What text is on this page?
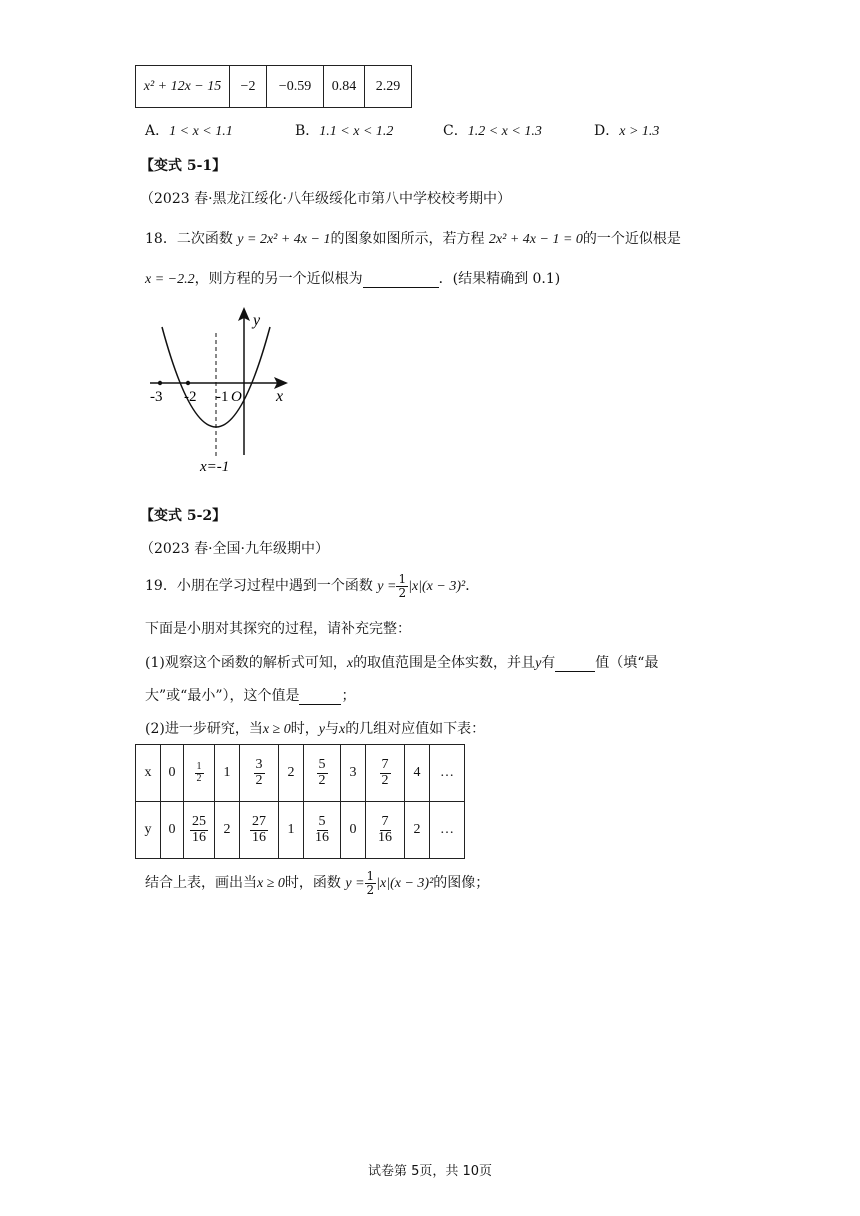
x² + 12x − 15	−2	−0.59	0.84	2.29
A．1 < x < 1.1	B．1.1 < x < 1.2	C．1.2 < x < 1.3	D．x > 1.3
【变式 5-1】
（2023 春·黑龙江绥化·八年级绥化市第八中学校校考期中）
18．二次函数 y = 2x² + 4x − 1的图象如图所示，若方程 2x² + 4x − 1 = 0的一个近似根是
x = −2.2，则方程的另一个近似根为	．(结果精确到 0.1)
y
x
-3 -2 -1 O
x=-1
【变式 5-2】
（2023 春·全国·九年级期中）
19．小朋在学习过程中遇到一个函数 $y = \frac{1}{2} |x|(x - 3)^2$．
下面是小朋对其探究的过程，请补充完整：
(1)观察这个函数的解析式可知，x的取值范围是全体实数，并且y有	值（填“最
大”或“最小”），这个值是	；
(2)进一步研究，当x ≥ 0时，y与x的几组对应值如下表：
x	0	$\frac{1}{2}$	1	$\frac{3}{2}$	2	$\frac{5}{2}$	3	$\frac{7}{2}$	4	…
y	0	$\frac{25}{16}$	2	$\frac{27}{16}$	1	$\frac{5}{16}$	0	$\frac{7}{16}$	2	…
结合上表，画出当x ≥ 0时，函数 $y = \frac{1}{2} |x|(x - 3)^2$的图像；
试卷第 5页，共 10页
